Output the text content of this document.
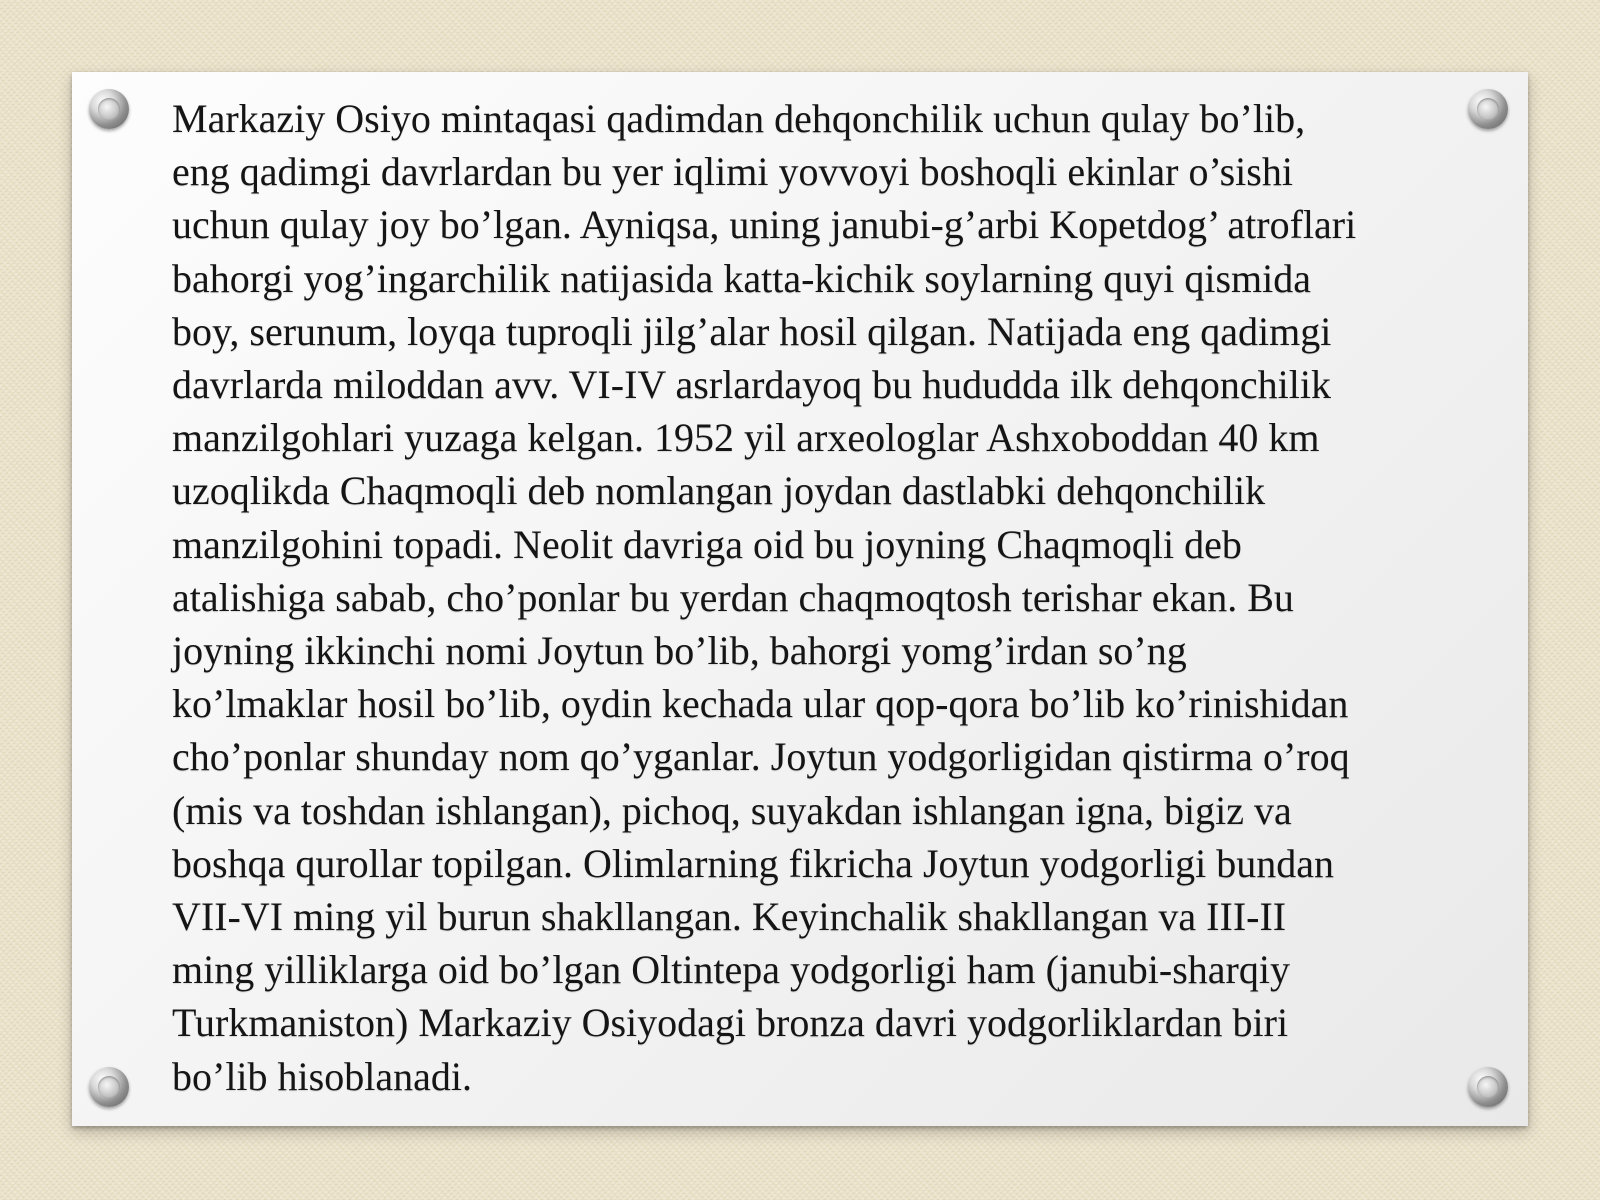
Markaziy Osiyo mintaqasi qadimdan dehqonchilik uchun qulay bo’lib,
eng qadimgi davrlardan bu yer iqlimi yovvoyi boshoqli ekinlar o’sishi
uchun qulay joy bo’lgan. Ayniqsa, uning janubi-g’arbi Kopetdog’ atroflari
bahorgi yog’ingarchilik natijasida katta-kichik soylarning quyi qismida
boy, serunum, loyqa tuproqli jilg’alar hosil qilgan. Natijada eng qadimgi
davrlarda miloddan avv. VI-IV asrlardayoq bu hududda ilk dehqonchilik
manzilgohlari yuzaga kelgan. 1952 yil arxeologlar Ashxoboddan 40 km
uzoqlikda Chaqmoqli deb nomlangan joydan dastlabki dehqonchilik
manzilgohini topadi. Neolit davriga oid bu joyning Chaqmoqli deb
atalishiga sabab, cho’ponlar bu yerdan chaqmoqtosh terishar ekan. Bu
joyning ikkinchi nomi Joytun bo’lib, bahorgi yomg’irdan so’ng
ko’lmaklar hosil bo’lib, oydin kechada ular qop-qora bo’lib ko’rinishidan
cho’ponlar shunday nom qo’yganlar. Joytun yodgorligidan qistirma o’roq
(mis va toshdan ishlangan), pichoq, suyakdan ishlangan igna, bigiz va
boshqa qurollar topilgan. Olimlarning fikricha Joytun yodgorligi bundan
VII-VI ming yil burun shakllangan. Keyinchalik shakllangan va III-II
ming yilliklarga oid bo’lgan Oltintepa yodgorligi ham (janubi-sharqiy
Turkmaniston) Markaziy Osiyodagi bronza davri yodgorliklardan biri
bo’lib hisoblanadi.
